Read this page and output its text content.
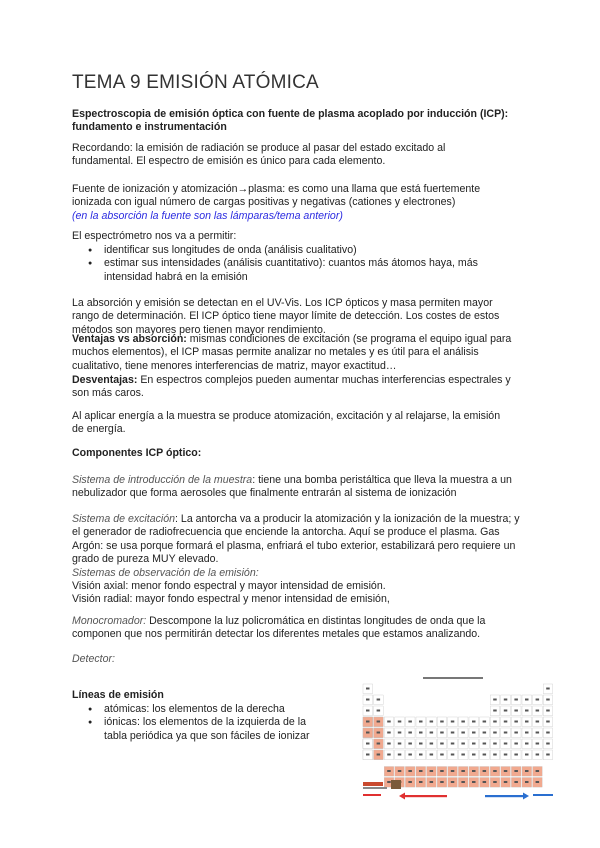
TEMA 9 EMISIÓN ATÓMICA

Espectroscopia de emisión óptica con fuente de plasma acoplado por inducción (ICP): fundamento e instrumentación

Recordando: la emisión de radiación se produce al pasar del estado excitado al fundamental. El espectro de emisión es único para cada elemento.

Fuente de ionización y atomización→plasma: es como una llama que está fuertemente ionizada con igual número de cargas positivas y negativas (cationes y electrones)
(en la absorción la fuente son las lámparas/tema anterior)

El espectrómetro nos va a permitir:

● identificar sus longitudes de onda (análisis cualitativo)
● estimar sus intensidades (análisis cuantitativo): cuantos más átomos haya, más intensidad habrá en la emisión

La absorción y emisión se detectan en el UV-Vis. Los ICP ópticos y masa permiten mayor rango de determinación. El ICP óptico tiene mayor límite de detección. Los costes de estos métodos son mayores pero tienen mayor rendimiento.

Ventajas vs absorción: mismas condiciones de excitación (se programa el equipo igual para muchos elementos), el ICP masas permite analizar no metales y es útil para el análisis cualitativo, tiene menores interferencias de matriz, mayor exactitud…

Desventajas: En espectros complejos pueden aumentar muchas interferencias espectrales y son más caros.

Al aplicar energía a la muestra se produce atomización, excitación y al relajarse, la emisión de energía.

Componentes ICP óptico:

Sistema de introducción de la muestra: tiene una bomba peristáltica que lleva la muestra a un nebulizador que forma aerosoles que finalmente entrarán al sistema de ionización

Sistema de excitación: La antorcha va a producir la atomización y la ionización de la muestra; y el generador de radiofrecuencia que enciende la antorcha. Aquí se produce el plasma. Gas Argón: se usa porque formará el plasma, enfriará el tubo exterior, estabilizará pero requiere un grado de pureza MUY elevado.
Sistemas de observación de la emisión:
Visión axial: menor fondo espectral y mayor intensidad de emisión.
Visión radial: mayor fondo espectral y menor intensidad de emisión,

Monocromador: Descompone la luz policromática en distintas longitudes de onda que la componen que nos permitirán detectar los diferentes metales que estamos analizando.

Detector:

Líneas de emisión

● atómicas: los elementos de la derecha
● iónicas: los elementos de la izquierda de la tabla periódica ya que son fáciles de ionizar
